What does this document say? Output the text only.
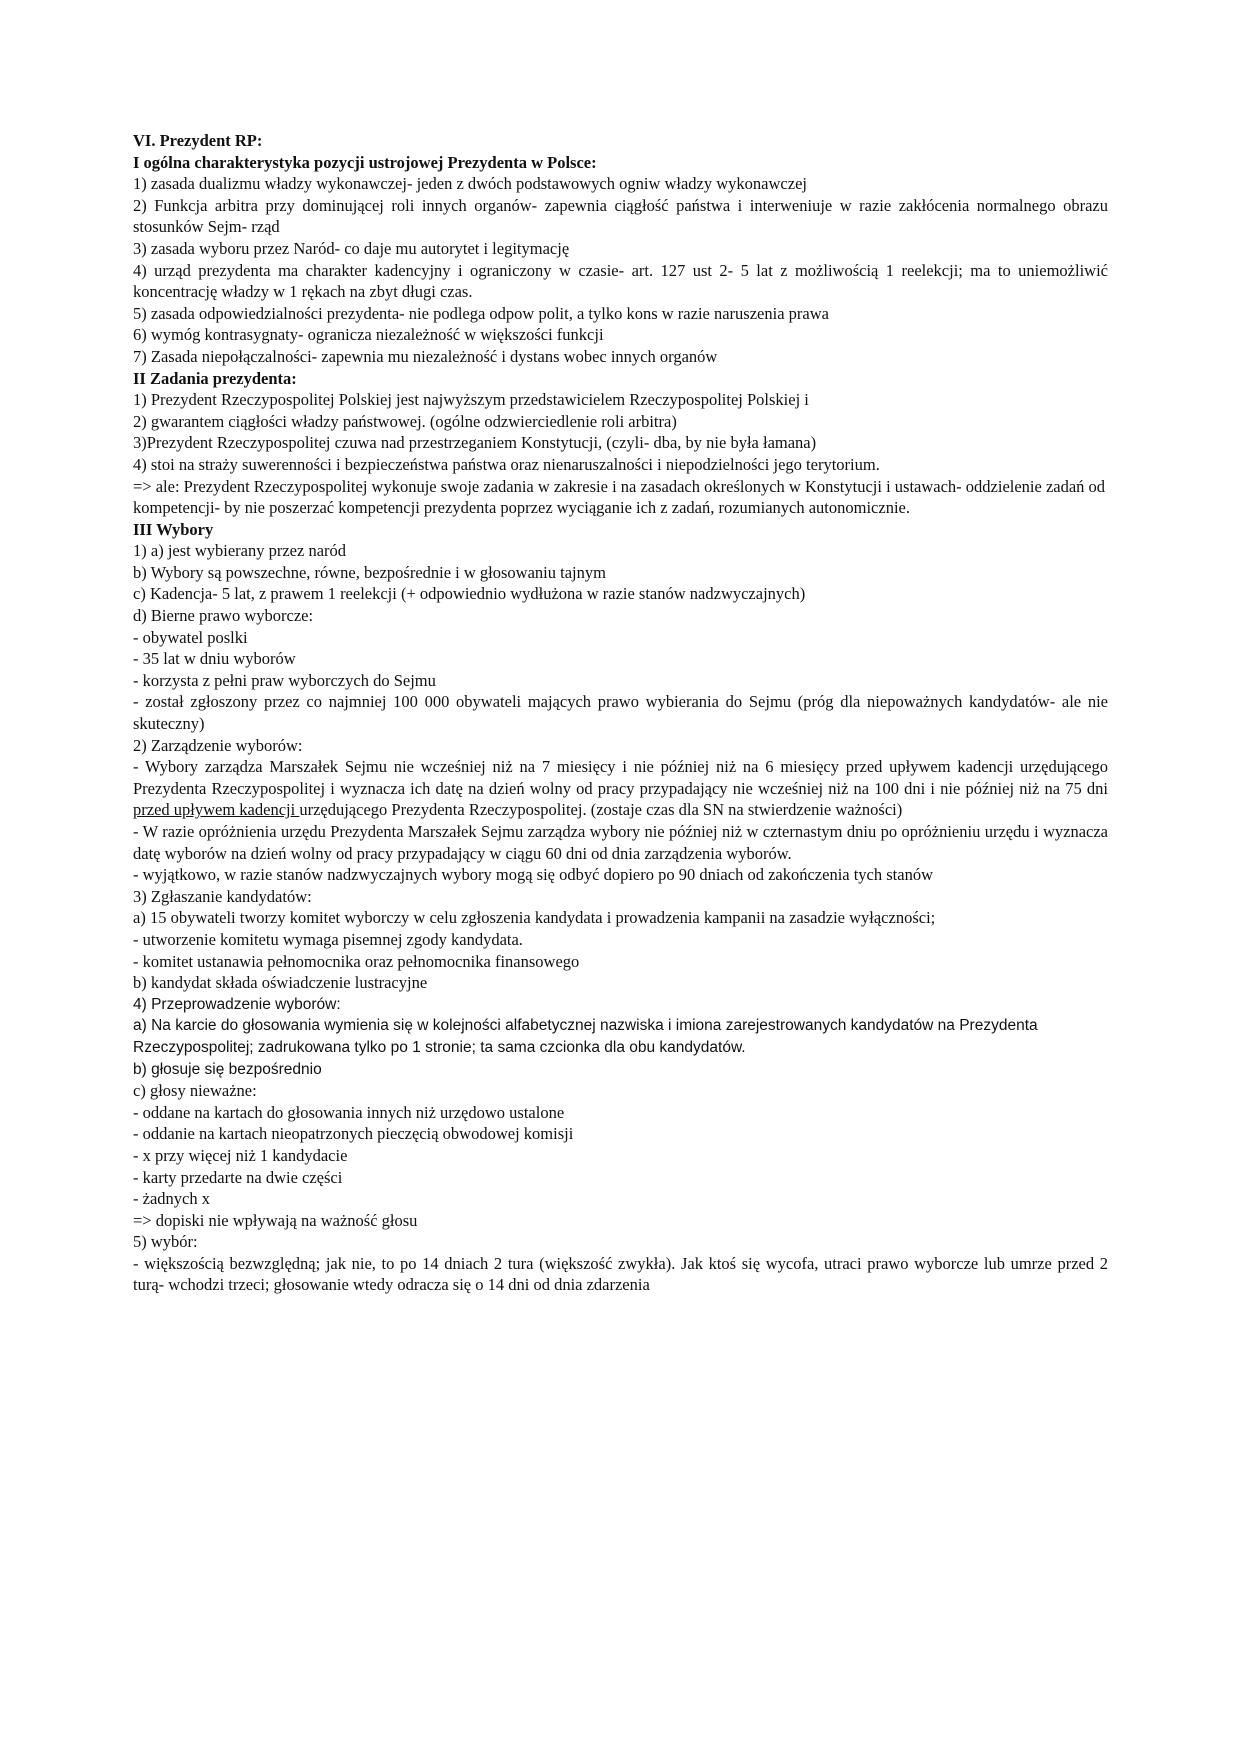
VI. Prezydent RP:

I ogólna charakterystyka pozycji ustrojowej Prezydenta w Polsce:

1) zasada dualizmu władzy wykonawczej- jeden z dwóch podstawowych ogniw władzy wykonawczej

2) Funkcja arbitra przy dominującej roli innych organów- zapewnia ciągłość państwa i interweniuje w razie zakłócenia normalnego obrazu stosunków Sejm- rząd

3) zasada wyboru przez Naród- co daje mu autorytet i legitymację

4) urząd prezydenta ma charakter kadencyjny i ograniczony w czasie- art. 127 ust 2- 5 lat z możliwością 1 reelekcji; ma to uniemożliwić koncentrację władzy w 1 rękach na zbyt długi czas.

5) zasada odpowiedzialności prezydenta- nie podlega odpow polit, a tylko kons w razie naruszenia prawa

6) wymóg kontrasygnaty- ogranicza niezależność w większości funkcji

7) Zasada niepołączalności- zapewnia mu niezależność i dystans wobec innych organów

II Zadania prezydenta:

1) Prezydent Rzeczypospolitej Polskiej jest najwyższym przedstawicielem Rzeczypospolitej Polskiej i

2) gwarantem ciągłości władzy państwowej. (ogólne odzwierciedlenie roli arbitra)

3)Prezydent Rzeczypospolitej czuwa nad przestrzeganiem Konstytucji, (czyli- dba, by nie była łamana)

4) stoi na straży suwerenności i bezpieczeństwa państwa oraz nienaruszalności i niepodzielności jego terytorium.

=> ale: Prezydent Rzeczypospolitej wykonuje swoje zadania w zakresie i na zasadach określonych w Konstytucji i ustawach- oddzielenie zadań od kompetencji- by nie poszerzać kompetencji prezydenta poprzez wyciąganie ich z zadań, rozumianych autonomicznie.

III Wybory

1) a) jest wybierany przez naród

b) Wybory są powszechne, równe, bezpośrednie i w głosowaniu tajnym

c) Kadencja- 5 lat, z prawem 1 reelekcji (+ odpowiednio wydłużona w razie stanów nadzwyczajnych)

d) Bierne prawo wyborcze:

- obywatel poslki

- 35 lat w dniu wyborów

- korzysta z pełni praw wyborczych do Sejmu

- został zgłoszony przez co najmniej 100 000 obywateli mających prawo wybierania do Sejmu (próg dla niepoważnych kandydatów- ale nie skuteczny)

2) Zarządzenie wyborów:

- Wybory zarządza Marszałek Sejmu nie wcześniej niż na 7 miesięcy i nie później niż na 6 miesięcy przed upływem kadencji urzędującego Prezydenta Rzeczypospolitej i wyznacza ich datę na dzień wolny od pracy przypadający nie wcześniej niż na 100 dni i nie później niż na 75 dni przed upływem kadencji urzędującego Prezydenta Rzeczypospolitej. (zostaje czas dla SN na stwierdzenie ważności)

- W razie opróżnienia urzędu Prezydenta Marszałek Sejmu zarządza wybory nie później niż w czternastym dniu po opróżnieniu urzędu i wyznacza datę wyborów na dzień wolny od pracy przypadający w ciągu 60 dni od dnia zarządzenia wyborów.

- wyjątkowo, w razie stanów nadzwyczajnych wybory mogą się odbyć dopiero po 90 dniach od zakończenia tych stanów

3) Zgłaszanie kandydatów:

a) 15 obywateli tworzy komitet wyborczy w celu zgłoszenia kandydata i prowadzenia kampanii na zasadzie wyłączności;

- utworzenie komitetu wymaga pisemnej zgody kandydata.

- komitet ustanawia pełnomocnika oraz pełnomocnika finansowego

b) kandydat składa oświadczenie lustracyjne

4) Przeprowadzenie wyborów:

a) Na karcie do głosowania wymienia się w kolejności alfabetycznej nazwiska i imiona zarejestrowanych kandydatów na Prezydenta Rzeczypospolitej; zadrukowana tylko po 1 stronie; ta sama czcionka dla obu kandydatów.

b) głosuje się bezpośrednio

c) głosy nieważne:

- oddane na kartach do głosowania innych niż urzędowo ustalone

- oddanie na kartach nieopatrzonych pieczęcią obwodowej komisji

- x przy więcej niż 1 kandydacie

- karty przedarte na dwie części

- żadnych x

=> dopiski nie wpływają na ważność głosu

5) wybór:

- większością bezwzględną; jak nie, to po 14 dniach 2 tura (większość zwykła). Jak ktoś się wycofa, utraci prawo wyborcze lub umrze przed 2 turą- wchodzi trzeci; głosowanie wtedy odracza się o 14 dni od dnia zdarzenia
